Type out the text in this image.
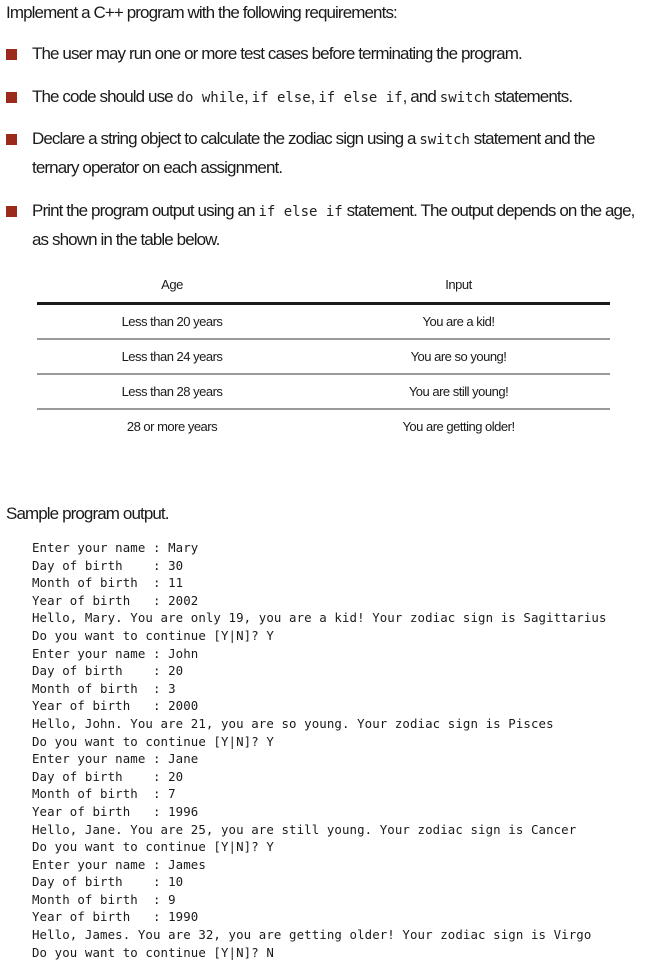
Implement a C++ program with the following requirements:
The user may run one or more test cases before terminating the program.
The code should use do while, if else, if else if, and switch statements.
Declare a string object to calculate the zodiac sign using a switch statement and the ternary operator on each assignment.
Print the program output using an if else if statement. The output depends on the age, as shown in the table below.
Age	Input
Less than 20 years	You are a kid!
Less than 24 years	You are so young!
Less than 28 years	You are still young!
28 or more years	You are getting older!
Sample program output.
Enter your name : Mary
Day of birth    : 30
Month of birth  : 11
Year of birth   : 2002
Hello, Mary. You are only 19, you are a kid! Your zodiac sign is Sagittarius
Do you want to continue [Y|N]? Y
Enter your name : John
Day of birth    : 20
Month of birth  : 3
Year of birth   : 2000
Hello, John. You are 21, you are so young. Your zodiac sign is Pisces
Do you want to continue [Y|N]? Y
Enter your name : Jane
Day of birth    : 20
Month of birth  : 7
Year of birth   : 1996
Hello, Jane. You are 25, you are still young. Your zodiac sign is Cancer
Do you want to continue [Y|N]? Y
Enter your name : James
Day of birth    : 10
Month of birth  : 9
Year of birth   : 1990
Hello, James. You are 32, you are getting older! Your zodiac sign is Virgo
Do you want to continue [Y|N]? N
